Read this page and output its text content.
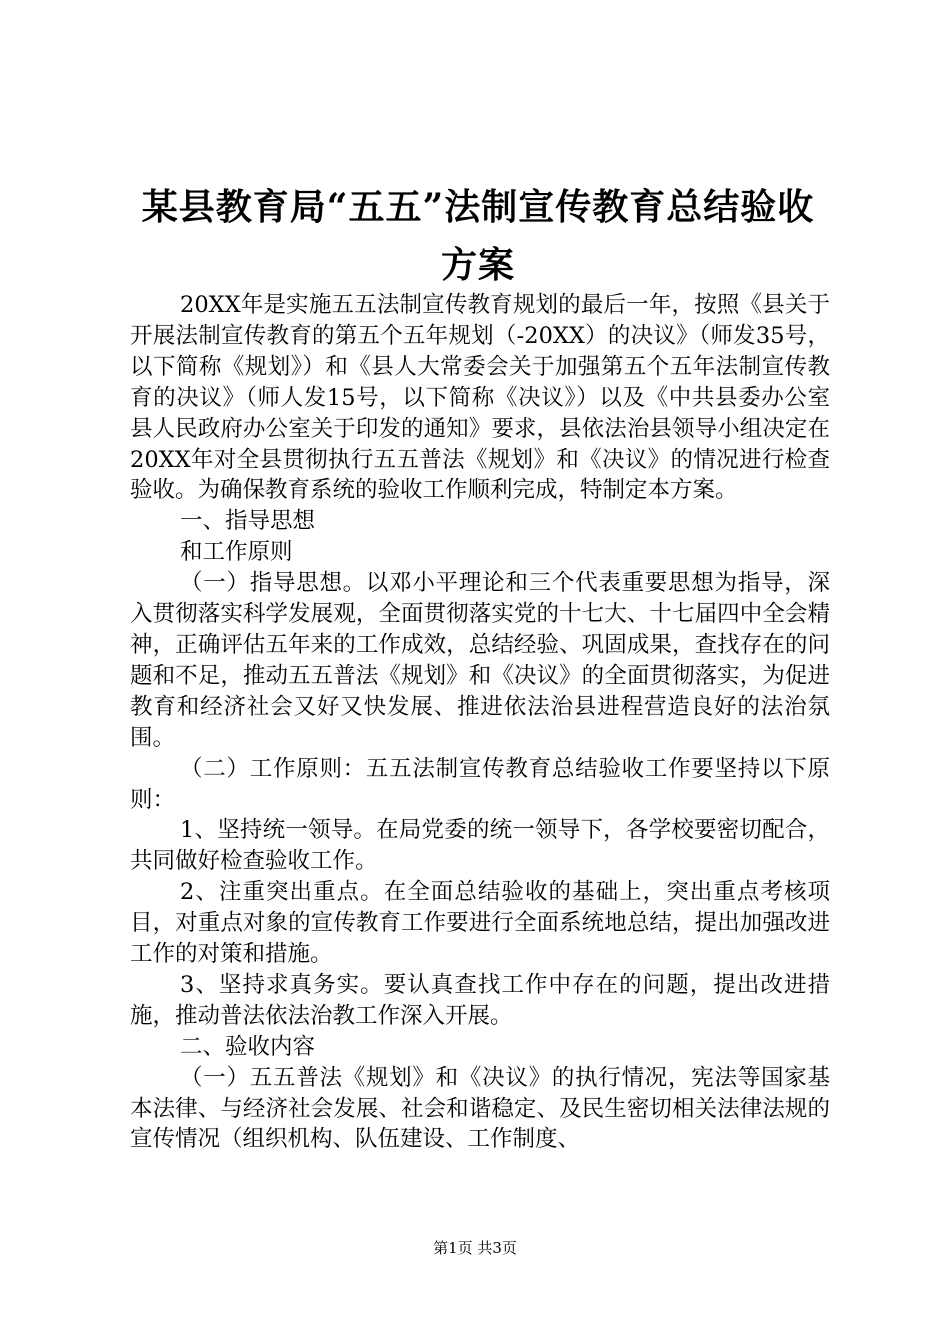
某县教育局“五五”法制宣传教育总结验收方案

20XX年是实施五五法制宣传教育规划的最后一年，按照《县关于开展法制宣传教育的第五个五年规划（-20XX）的决议》（师发35号，以下简称《规划》）和《县人大常委会关于加强第五个五年法制宣传教育的决议》（师人发15号，以下简称《决议》）以及《中共县委办公室县人民政府办公室关于印发的通知》要求，县依法治县领导小组决定在20XX年对全县贯彻执行五五普法《规划》和《决议》的情况进行检查验收。为确保教育系统的验收工作顺利完成，特制定本方案。

一、指导思想

和工作原则

（一）指导思想。以邓小平理论和三个代表重要思想为指导，深入贯彻落实科学发展观，全面贯彻落实党的十七大、十七届四中全会精神，正确评估五年来的工作成效，总结经验、巩固成果，查找存在的问题和不足，推动五五普法《规划》和《决议》的全面贯彻落实，为促进教育和经济社会又好又快发展、推进依法治县进程营造良好的法治氛围。

（二）工作原则：五五法制宣传教育总结验收工作要坚持以下原则：

1、坚持统一领导。在局党委的统一领导下，各学校要密切配合，共同做好检查验收工作。

2、注重突出重点。在全面总结验收的基础上，突出重点考核项目，对重点对象的宣传教育工作要进行全面系统地总结，提出加强改进工作的对策和措施。

3、坚持求真务实。要认真查找工作中存在的问题，提出改进措施，推动普法依法治教工作深入开展。

二、验收内容

（一）五五普法《规划》和《决议》的执行情况，宪法等国家基本法律、与经济社会发展、社会和谐稳定、及民生密切相关法律法规的宣传情况（组织机构、队伍建设、工作制度、

第1页 共3页
